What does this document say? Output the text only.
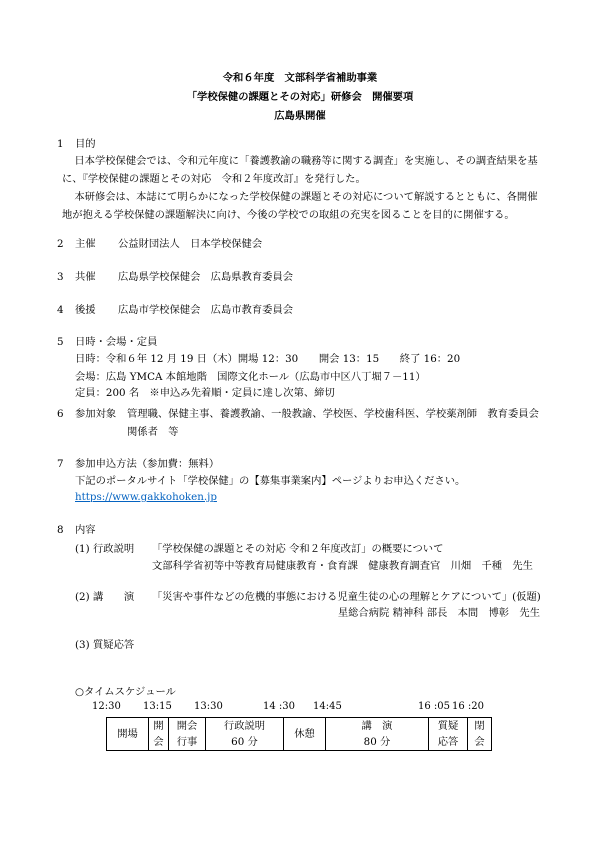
令和６年度　文部科学省補助事業
「学校保健の課題とその対応」研修会　開催要項
広島県開催
1 目的

日本学校保健会では、令和元年度に「養護教諭の職務等に関する調査」を実施し、その調査結果を基に、『学校保健の課題とその対応　令和２年度改訂』を発行した。

本研修会は、本誌にて明らかになった学校保健の課題とその対応について解説するとともに、各開催地が抱える学校保健の課題解決に向け、今後の学校での取組の充実を図ることを目的に開催する。

2 主催 公益財団法人　日本学校保健会
3 共催 広島県学校保健会　広島県教育委員会
4 後援 広島市学校保健会　広島市教育委員会
5 日時・会場・定員
日時：令和６年 12 月 19 日（木）開場 12：30　　開会 13：15　　終了 16：20
会場：広島 YMCA 本館地階　国際文化ホール（広島市中区八丁堀７－11）
定員：200 名　※申込み先着順・定員に達し次第、締切
6 参加対象 管理職、保健主事、養護教諭、一般教諭、学校医、学校歯科医、学校薬剤師　教育委員会関係者　等
7 参加申込方法（参加費：無料）
下記のポータルサイト「学校保健」の【募集事業案内】ページよりお申込ください。
https://www.gakkohoken.jp
8 内容
(1) 行政説明 「学校保健の課題とその対応 令和２年度改訂」の概要について
文部科学省初等中等教育局健康教育・食育課　健康教育調査官　川畑　千種　先生
(2) 講　　演 「災害や事件などの危機的事態における児童生徒の心の理解とケアについて」(仮題)
星総合病院 精神科 部長　本間　博彰　先生
(3) 質疑応答
○タイムスケジュール
12:30 13:15 13:30	14 :30 14:45	16 :05 16 :20
開場
開
会
開会
行事
行政説明
60 分
休憩
講　演
80 分
質疑
応答
閉
会
